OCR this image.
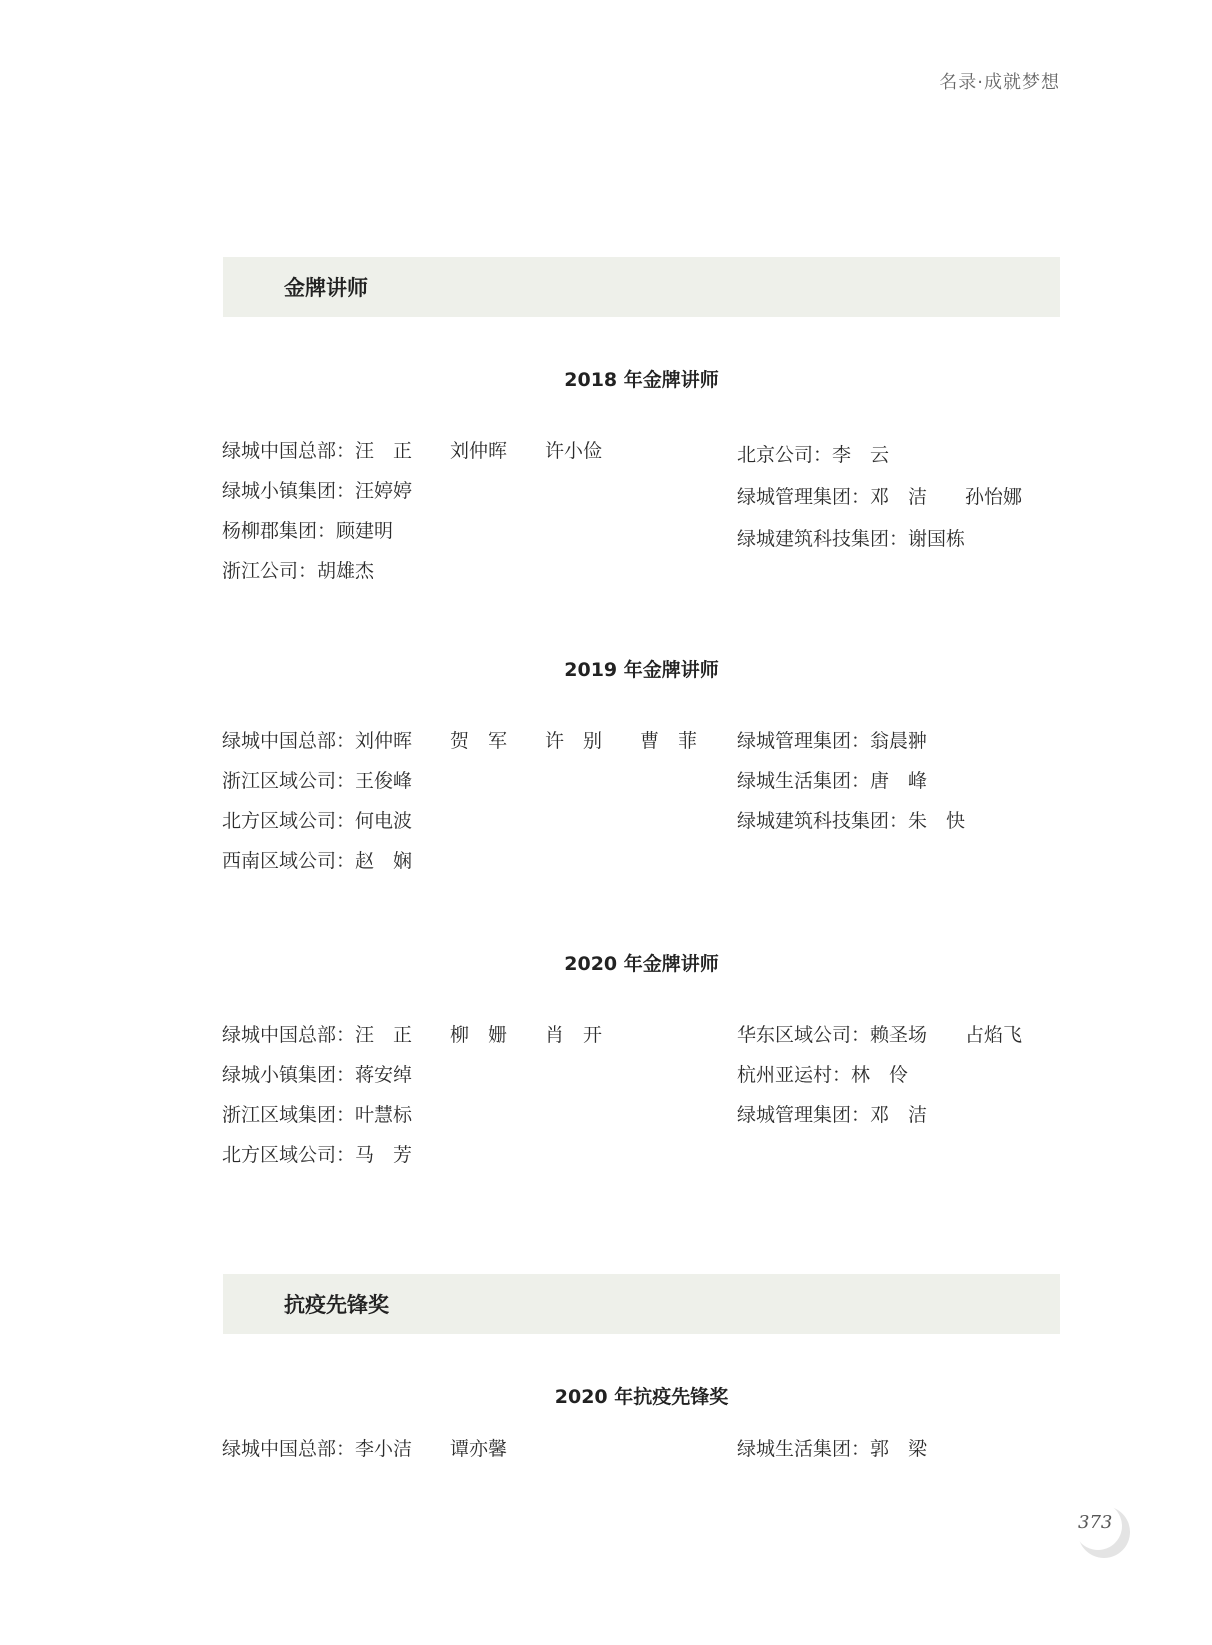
名录·成就梦想
金牌讲师
2018 年金牌讲师
绿城中国总部：汪　正　　刘仲晖　　许小俭
绿城小镇集团：汪婷婷
杨柳郡集团：顾建明
浙江公司：胡雄杰
北京公司：李　云
绿城管理集团：邓　洁　　孙怡娜
绿城建筑科技集团：谢国栋
2019 年金牌讲师
绿城中国总部：刘仲晖　　贺　军　　许　别　　曹　菲
浙江区域公司：王俊峰
北方区域公司：何电波
西南区域公司：赵　娴
绿城管理集团：翁晨翀
绿城生活集团：唐　峰
绿城建筑科技集团：朱　快
2020 年金牌讲师
绿城中国总部：汪　正　　柳　姗　　肖　开
绿城小镇集团：蒋安绰
浙江区域集团：叶慧标
北方区域公司：马　芳
华东区域公司：赖圣场　　占焰飞
杭州亚运村：林　伶
绿城管理集团：邓　洁
抗疫先锋奖
2020 年抗疫先锋奖
绿城中国总部：李小洁　　谭亦馨	绿城生活集团：郭　梁
373
